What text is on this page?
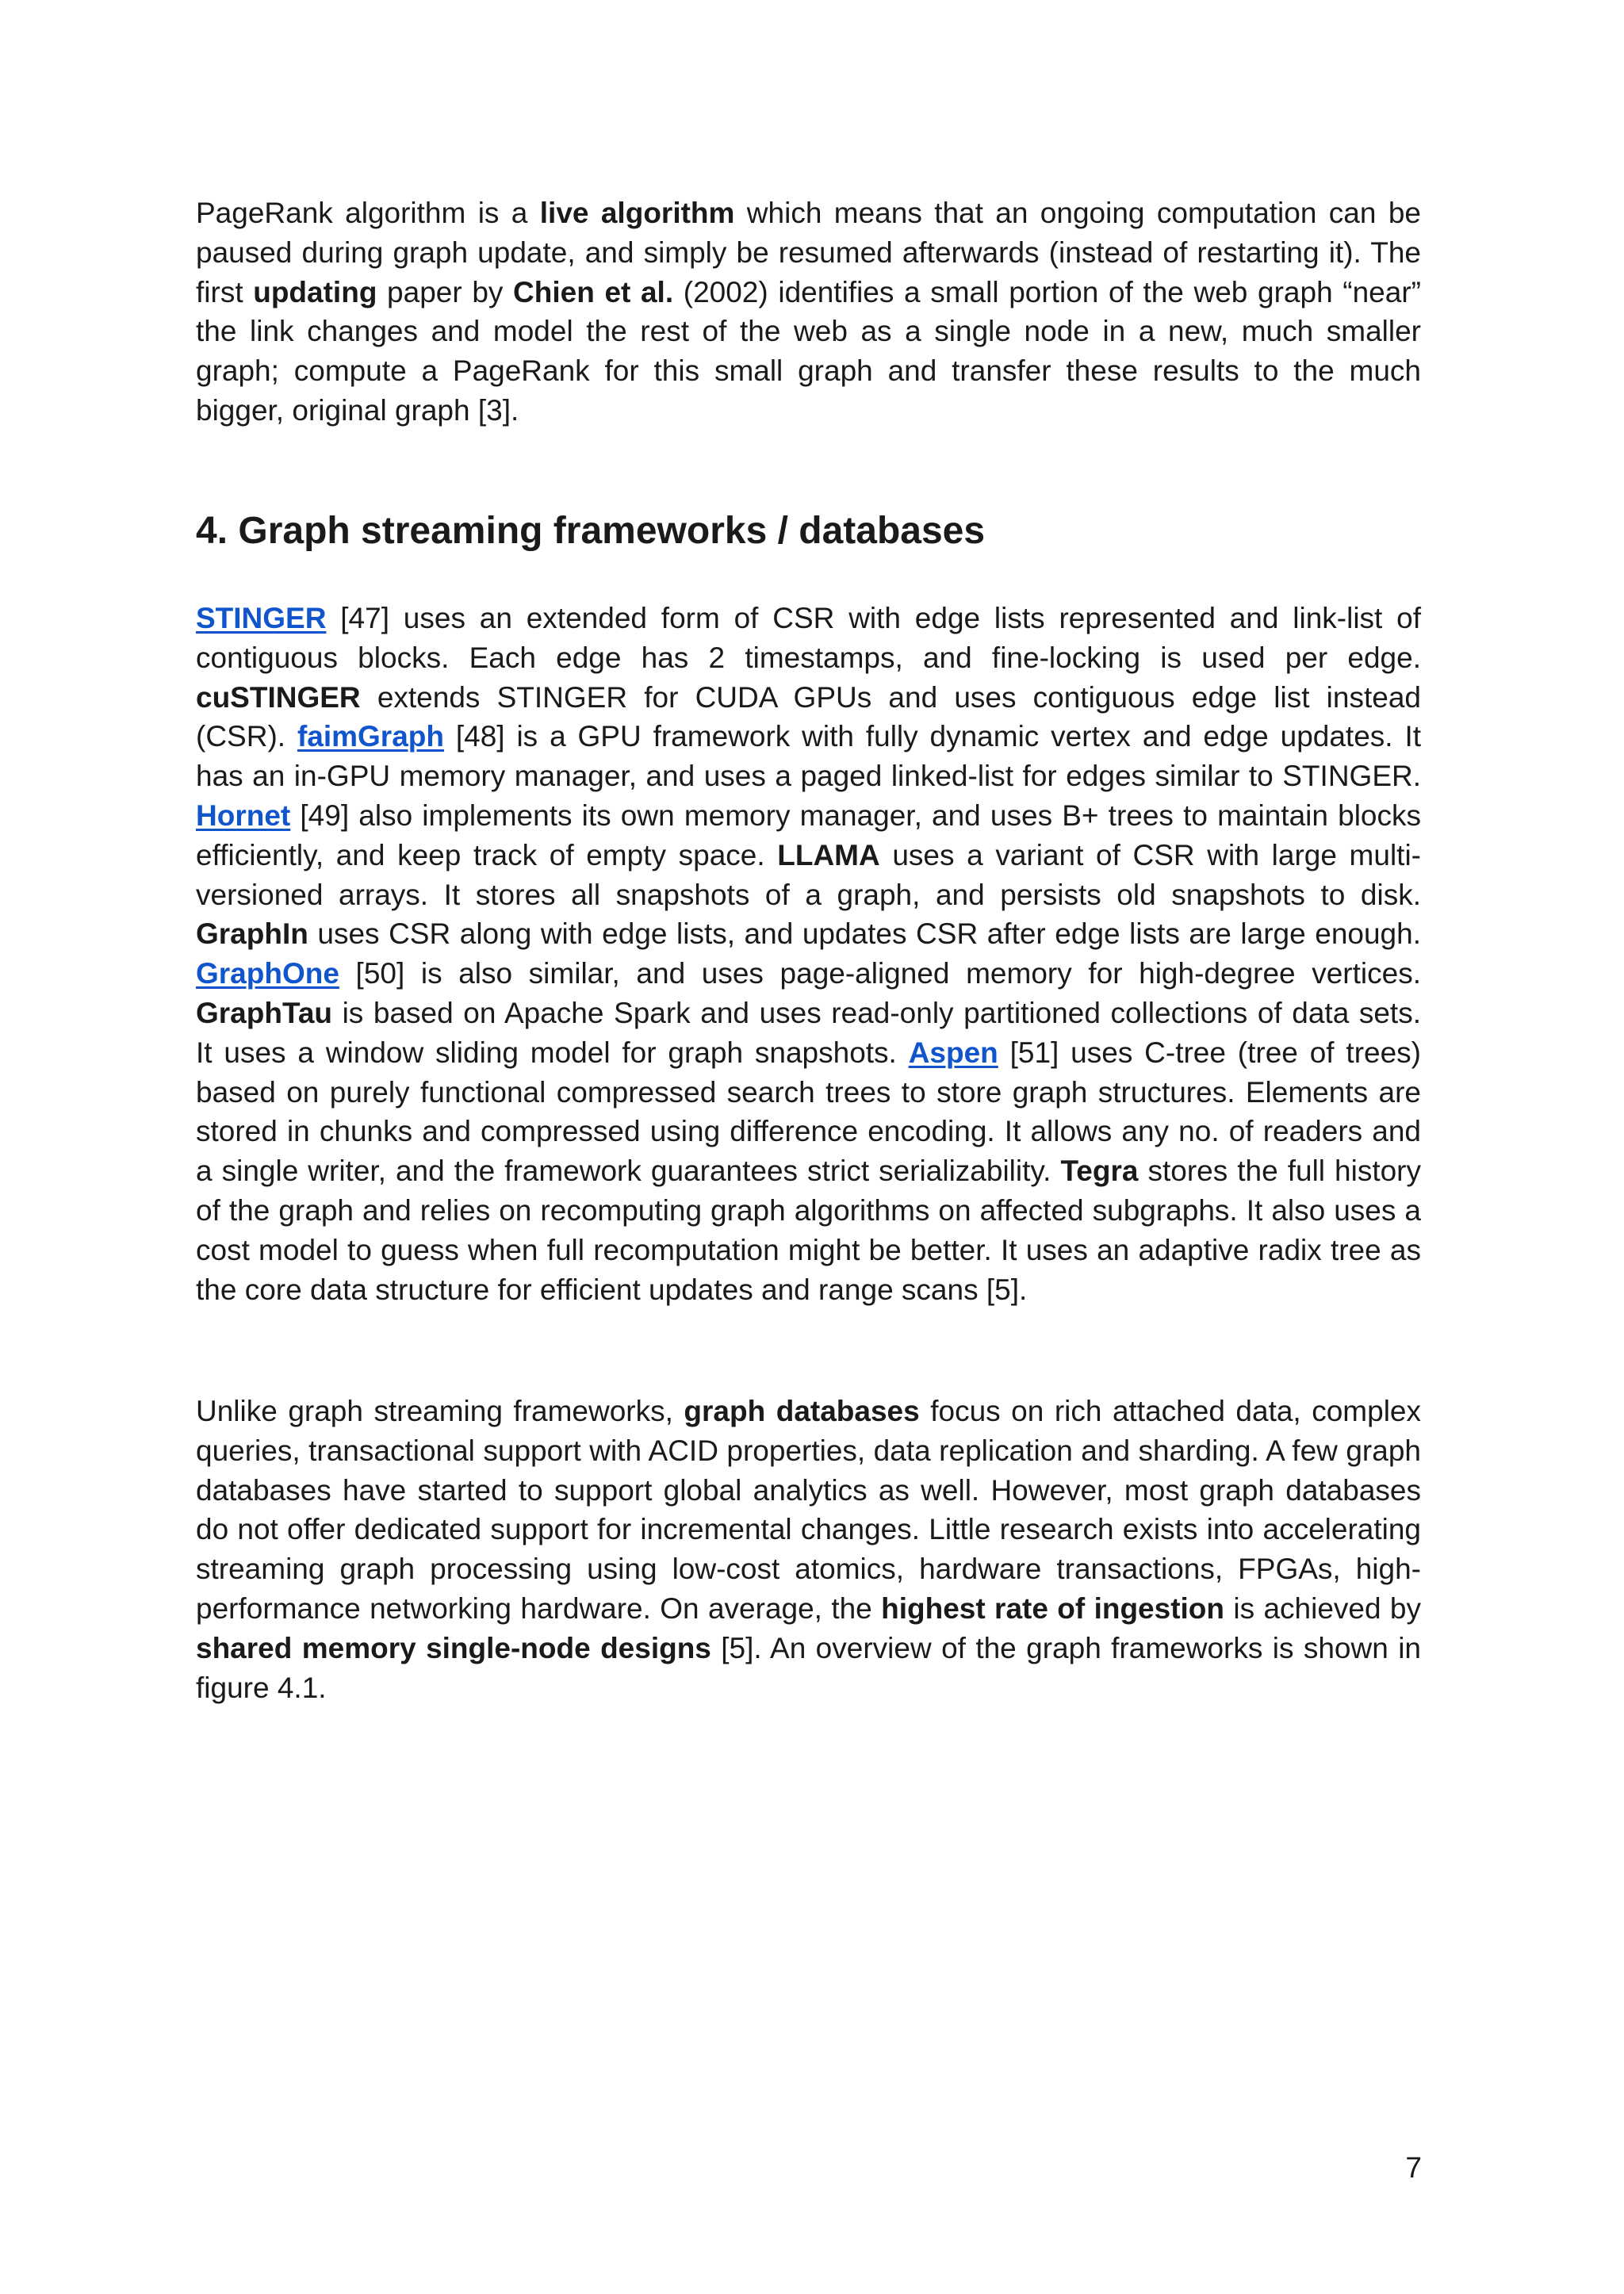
PageRank algorithm is a live algorithm which means that an ongoing computation can be paused during graph update, and simply be resumed afterwards (instead of restarting it). The first updating paper by Chien et al. (2002) identifies a small portion of the web graph “near” the link changes and model the rest of the web as a single node in a new, much smaller graph; compute a PageRank for this small graph and transfer these results to the much bigger, original graph [3].

4. Graph streaming frameworks / databases

STINGER [47] uses an extended form of CSR with edge lists represented and link-list of contiguous blocks. Each edge has 2 timestamps, and fine-locking is used per edge. cuSTINGER extends STINGER for CUDA GPUs and uses contiguous edge list instead (CSR). faimGraph [48] is a GPU framework with fully dynamic vertex and edge updates. It has an in-GPU memory manager, and uses a paged linked-list for edges similar to STINGER. Hornet [49] also implements its own memory manager, and uses B+ trees to maintain blocks efficiently, and keep track of empty space. LLAMA uses a variant of CSR with large multi-versioned arrays. It stores all snapshots of a graph, and persists old snapshots to disk. GraphIn uses CSR along with edge lists, and updates CSR after edge lists are large enough. GraphOne [50] is also similar, and uses page-aligned memory for high-degree vertices. GraphTau is based on Apache Spark and uses read-only partitioned collections of data sets. It uses a window sliding model for graph snapshots. Aspen [51] uses C-tree (tree of trees) based on purely functional compressed search trees to store graph structures. Elements are stored in chunks and compressed using difference encoding. It allows any no. of readers and a single writer, and the framework guarantees strict serializability. Tegra stores the full history of the graph and relies on recomputing graph algorithms on affected subgraphs. It also uses a cost model to guess when full recomputation might be better. It uses an adaptive radix tree as the core data structure for efficient updates and range scans [5].

Unlike graph streaming frameworks, graph databases focus on rich attached data, complex queries, transactional support with ACID properties, data replication and sharding. A few graph databases have started to support global analytics as well. However, most graph databases do not offer dedicated support for incremental changes. Little research exists into accelerating streaming graph processing using low-cost atomics, hardware transactions, FPGAs, high-performance networking hardware. On average, the highest rate of ingestion is achieved by shared memory single-node designs [5]. An overview of the graph frameworks is shown in figure 4.1.

7
